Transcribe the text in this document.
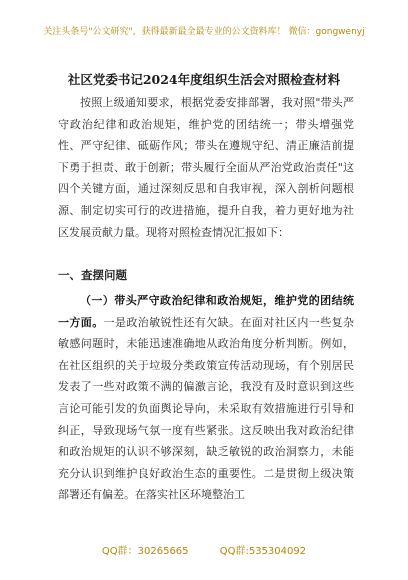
关注头条号"公文研究"，获得最新最全最专业的公文资料库！ 微信：gongwenyj
社区党委书记2024年度组织生活会对照检查材料
按照上级通知要求，根据党委安排部署，我对照"带头严守政治纪律和政治规矩，维护党的团结统一；带头增强党性、严守纪律、砥砺作风；带头在遵规守纪、清正廉洁前提下勇于担责、敢于创新；带头履行全面从严治党政治责任"这四个关键方面，通过深刻反思和自我审视，深入剖析问题根源、制定切实可行的改进措施，提升自我，着力更好地为社区发展贡献力量。现将对照检查情况汇报如下：
一、查摆问题
（一）带头严守政治纪律和政治规矩，维护党的团结统一方面。一是政治敏锐性还有欠缺。在面对社区内一些复杂敏感问题时，未能迅速准确地从政治角度分析判断。例如，在社区组织的关于垃圾分类政策宣传活动现场，有个别居民发表了一些对政策不满的偏激言论，我没有及时意识到这些言论可能引发的负面舆论导向，未采取有效措施进行引导和纠正，导致现场气氛一度有些紧张。这反映出我对政治纪律和政治规矩的认识不够深刻，缺乏敏锐的政治洞察力，未能充分认识到维护良好政治生态的重要性。二是贯彻上级决策部署还有偏差。在落实社区环境整治工
QQ群：30265665	QQ群:535304092
